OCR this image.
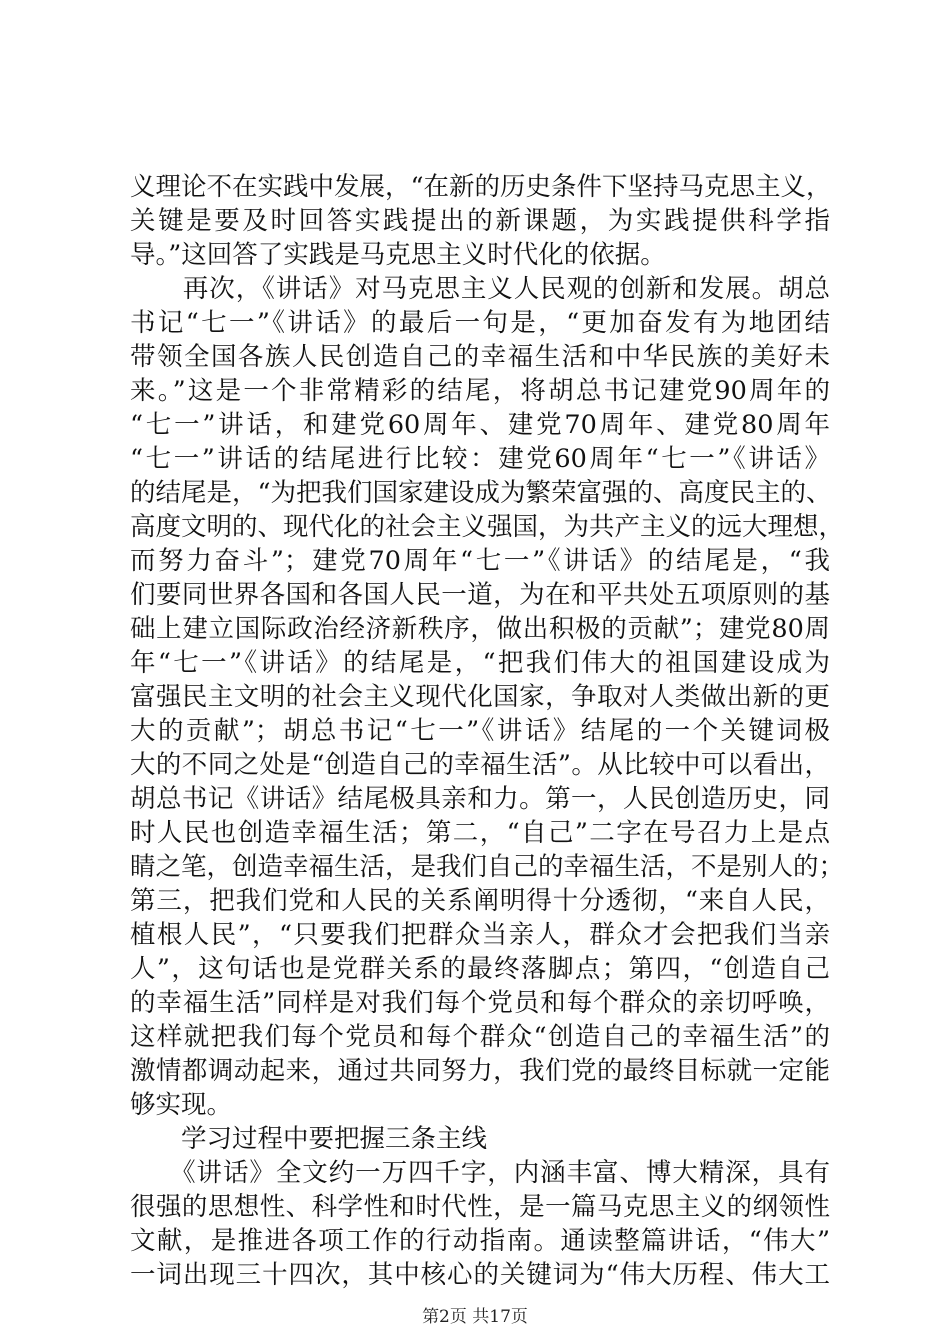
义理论不在实践中发展，“在新的历史条件下坚持马克思主义，
关键是要及时回答实践提出的新课题，为实践提供科学指
导。”这回答了实践是马克思主义时代化的依据。
　　再次，《讲话》对马克思主义人民观的创新和发展。胡总
书记“七一”《讲话》的最后一句是，“更加奋发有为地团结
带领全国各族人民创造自己的幸福生活和中华民族的美好未
来。”这是一个非常精彩的结尾，将胡总书记建党90周年的
“七一”讲话，和建党60周年、建党70周年、建党80周年
“七一”讲话的结尾进行比较：建党60周年“七一”《讲话》
的结尾是，“为把我们国家建设成为繁荣富强的、高度民主的、
高度文明的、现代化的社会主义强国，为共产主义的远大理想，
而努力奋斗”；建党70周年“七一”《讲话》的结尾是，“我
们要同世界各国和各国人民一道，为在和平共处五项原则的基
础上建立国际政治经济新秩序，做出积极的贡献”；建党80周
年“七一”《讲话》的结尾是，“把我们伟大的祖国建设成为
富强民主文明的社会主义现代化国家，争取对人类做出新的更
大的贡献”；胡总书记“七一”《讲话》结尾的一个关键词极
大的不同之处是“创造自己的幸福生活”。从比较中可以看出，
胡总书记《讲话》结尾极具亲和力。第一，人民创造历史，同
时人民也创造幸福生活；第二，“自己”二字在号召力上是点
睛之笔，创造幸福生活，是我们自己的幸福生活，不是别人的；
第三，把我们党和人民的关系阐明得十分透彻，“来自人民，
植根人民”，“只要我们把群众当亲人，群众才会把我们当亲
人”，这句话也是党群关系的最终落脚点；第四，“创造自己
的幸福生活”同样是对我们每个党员和每个群众的亲切呼唤，
这样就把我们每个党员和每个群众“创造自己的幸福生活”的
激情都调动起来，通过共同努力，我们党的最终目标就一定能
够实现。
　　学习过程中要把握三条主线
　　《讲话》全文约一万四千字，内涵丰富、博大精深，具有
很强的思想性、科学性和时代性，是一篇马克思主义的纲领性
文献，是推进各项工作的行动指南。通读整篇讲话，“伟大”
一词出现三十四次，其中核心的关键词为“伟大历程、伟大工
第2页 共17页
